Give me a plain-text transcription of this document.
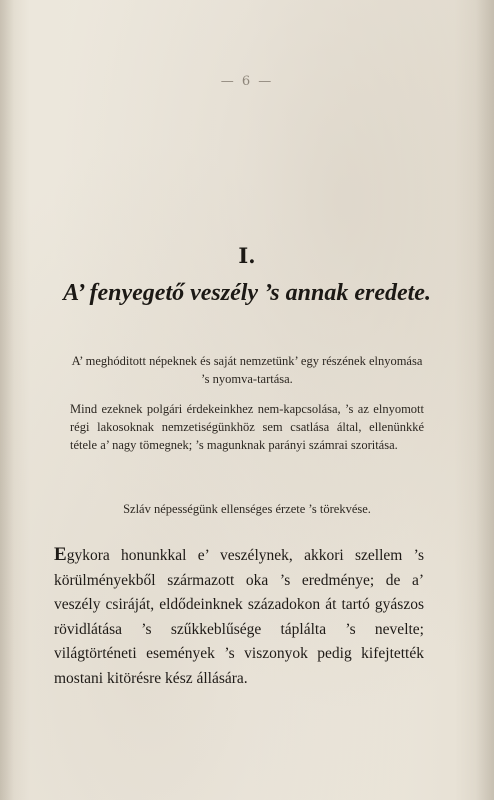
— 6 —
I.
A’ fenyegető veszély ’s annak eredete.
A’ meghóditott népeknek és saját nemzetünk’ egy részének elnyomása ’s nyomva-tartása.
Mind ezeknek polgári érdekeinkhez nem-kapcsolása, ’s az elnyomott régi lakosoknak nemzetiségünkhöz sem csatlása által, ellenünkké tétele a’ nagy tömegnek; ’s magunknak parányi számrai szoritása.
Szláv népességünk ellenséges érzete ’s törekvése.
Egykora honunkkal e’ veszélynek, akkori szellem ’s körülményekből származott oka ’s eredménye; de a’ veszély csiráját, eldődeinknek századokon át tartó gyászos rövidlátása ’s szűkkeblűsége táplálta ’s nevelte; világtörténeti események ’s viszonyok pedig kifejtették mostani kitörésre kész állására.
